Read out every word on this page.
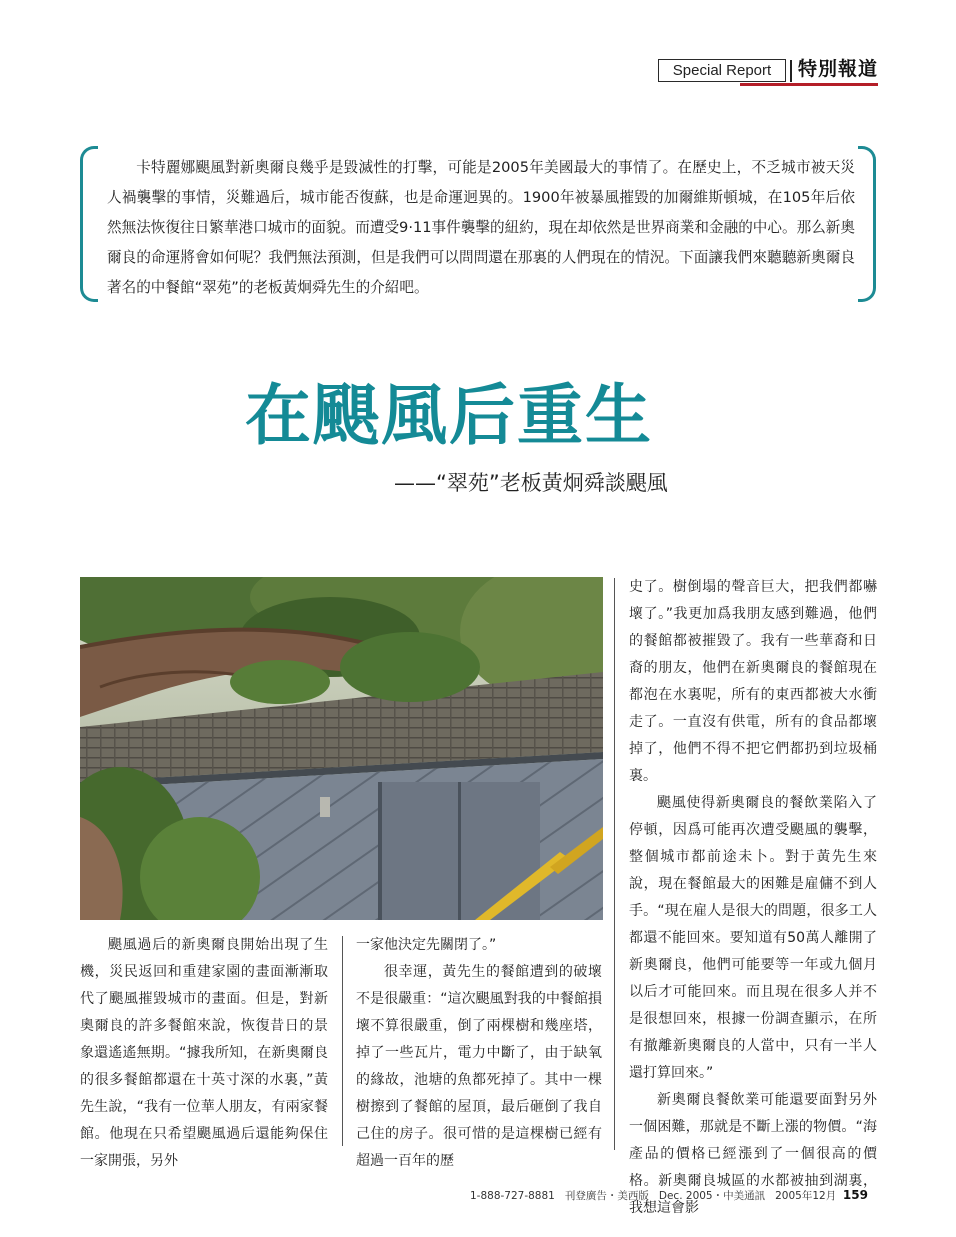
Special Report	特別報道

卡特麗娜颶風對新奧爾良幾乎是毀滅性的打擊，可能是2005年美國最大的事情了。在歷史上，不乏城市被天災人禍襲擊的事情，災難過后，城市能否復蘇，也是命運迥異的。1900年被暴風摧毀的加爾維斯頓城，在105年后依然無法恢復往日繁華港口城市的面貌。而遭受9·11事件襲擊的紐約，現在却依然是世界商業和金融的中心。那么新奧爾良的命運將會如何呢？我們無法預測，但是我們可以問問還在那裏的人們現在的情況。下面讓我們來聽聽新奧爾良著名的中餐館“翠苑”的老板黃炯舜先生的介紹吧。

在颶風后重生
——“翠苑”老板黃炯舜談颶風

颶風過后的新奧爾良開始出現了生機，災民返回和重建家園的畫面漸漸取代了颶風摧毀城市的畫面。但是，對新奧爾良的許多餐館來說，恢復昔日的景象還遙遙無期。“據我所知，在新奧爾良的很多餐館都還在十英寸深的水裏，”黃先生說，“我有一位華人朋友，有兩家餐館。他現在只希望颶風過后還能夠保住一家開張，另外

一家他決定先關閉了。”

很幸運，黃先生的餐館遭到的破壞不是很嚴重：“這次颶風對我的中餐館損壞不算很嚴重，倒了兩棵樹和幾座塔，掉了一些瓦片，電力中斷了，由于缺氧的緣故，池塘的魚都死掉了。其中一棵樹擦到了餐館的屋頂，最后砸倒了我自己住的房子。很可惜的是這棵樹已經有超過一百年的歷

史了。樹倒塌的聲音巨大，把我們都嚇壞了。”我更加爲我朋友感到難過，他們的餐館都被摧毀了。我有一些華裔和日裔的朋友，他們在新奧爾良的餐館現在都泡在水裏呢，所有的東西都被大水衝走了。一直沒有供電，所有的食品都壞掉了，他們不得不把它們都扔到垃圾桶裏。

颶風使得新奧爾良的餐飲業陷入了停頓，因爲可能再次遭受颶風的襲擊，整個城市都前途未卜。對于黃先生來說，現在餐館最大的困難是雇傭不到人手。“現在雇人是很大的問題，很多工人都還不能回來。要知道有50萬人離開了新奧爾良，他們可能要等一年或九個月以后才可能回來。而且現在很多人并不是很想回來，根據一份調查顯示，在所有撤離新奧爾良的人當中，只有一半人還打算回來。”

新奧爾良餐飲業可能還要面對另外一個困難，那就是不斷上漲的物價。“海產品的價格已經漲到了一個很高的價格。新奧爾良城區的水都被抽到湖裏，我想這會影

1-888-727-8881 刊登廣告・美西版 Dec. 2005・中美通訊 2005年12月 159
